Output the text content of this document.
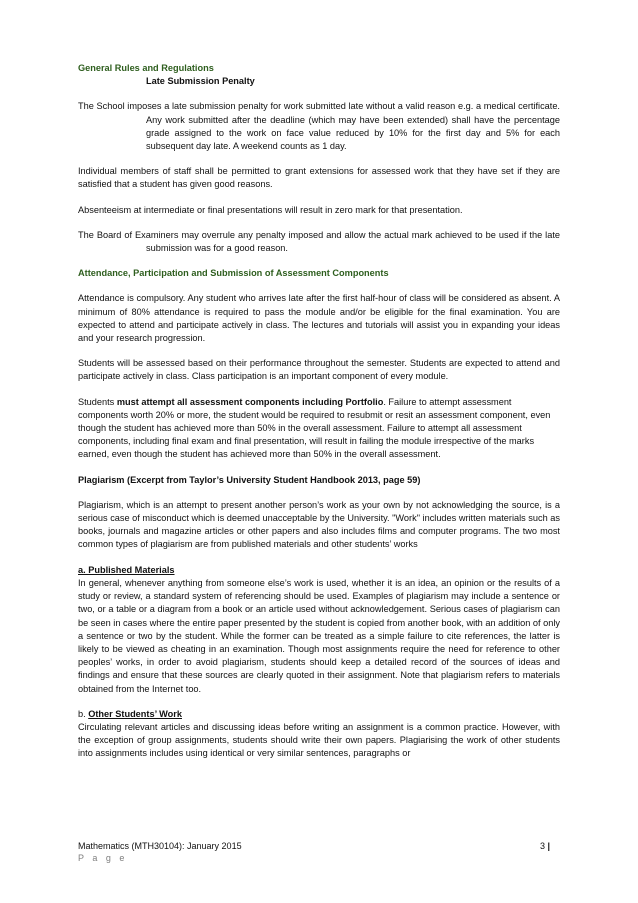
General Rules and Regulations
Late Submission Penalty

The School imposes a late submission penalty for work submitted late without a valid reason e.g. a medical certificate. Any work submitted after the deadline (which may have been extended) shall have the percentage grade assigned to the work on face value reduced by 10% for the first day and 5% for each subsequent day late. A weekend counts as 1 day.

Individual members of staff shall be permitted to grant extensions for assessed work that they have set if they are satisfied that a student has given good reasons.

Absenteeism at intermediate or final presentations will result in zero mark for that presentation.

The Board of Examiners may overrule any penalty imposed and allow the actual mark achieved to be used if the late submission was for a good reason.

Attendance, Participation and Submission of Assessment Components

Attendance is compulsory. Any student who arrives late after the first half-hour of class will be considered as absent. A minimum of 80% attendance is required to pass the module and/or be eligible for the final examination. You are expected to attend and participate actively in class. The lectures and tutorials will assist you in expanding your ideas and your research progression.

Students will be assessed based on their performance throughout the semester. Students are expected to attend and participate actively in class. Class participation is an important component of every module.

Students must attempt all assessment components including Portfolio. Failure to attempt assessment components worth 20% or more, the student would be required to resubmit or resit an assessment component, even though the student has achieved more than 50% in the overall assessment. Failure to attempt all assessment components, including final exam and final presentation, will result in failing the module irrespective of the marks earned, even though the student has achieved more than 50% in the overall assessment.

Plagiarism (Excerpt from Taylor’s University Student Handbook 2013, page 59)

Plagiarism, which is an attempt to present another person’s work as your own by not acknowledging the source, is a serious case of misconduct which is deemed unacceptable by the University. "Work" includes written materials such as books, journals and magazine articles or other papers and also includes films and computer programs. The two most common types of plagiarism are from published materials and other students’ works

a. Published Materials

In general, whenever anything from someone else’s work is used, whether it is an idea, an opinion or the results of a study or review, a standard system of referencing should be used. Examples of plagiarism may include a sentence or two, or a table or a diagram from a book or an article used without acknowledgement. Serious cases of plagiarism can be seen in cases where the entire paper presented by the student is copied from another book, with an addition of only a sentence or two by the student. While the former can be treated as a simple failure to cite references, the latter is likely to be viewed as cheating in an examination. Though most assignments require the need for reference to other peoples’ works, in order to avoid plagiarism, students should keep a detailed record of the sources of ideas and findings and ensure that these sources are clearly quoted in their assignment. Note that plagiarism refers to materials obtained from the Internet too.

b. Other Students’ Work

Circulating relevant articles and discussing ideas before writing an assignment is a common practice. However, with the exception of group assignments, students should write their own papers. Plagiarising the work of other students into assignments includes using identical or very similar sentences, paragraphs or

Mathematics (MTH30104): January 2015	3 |
P a g e
